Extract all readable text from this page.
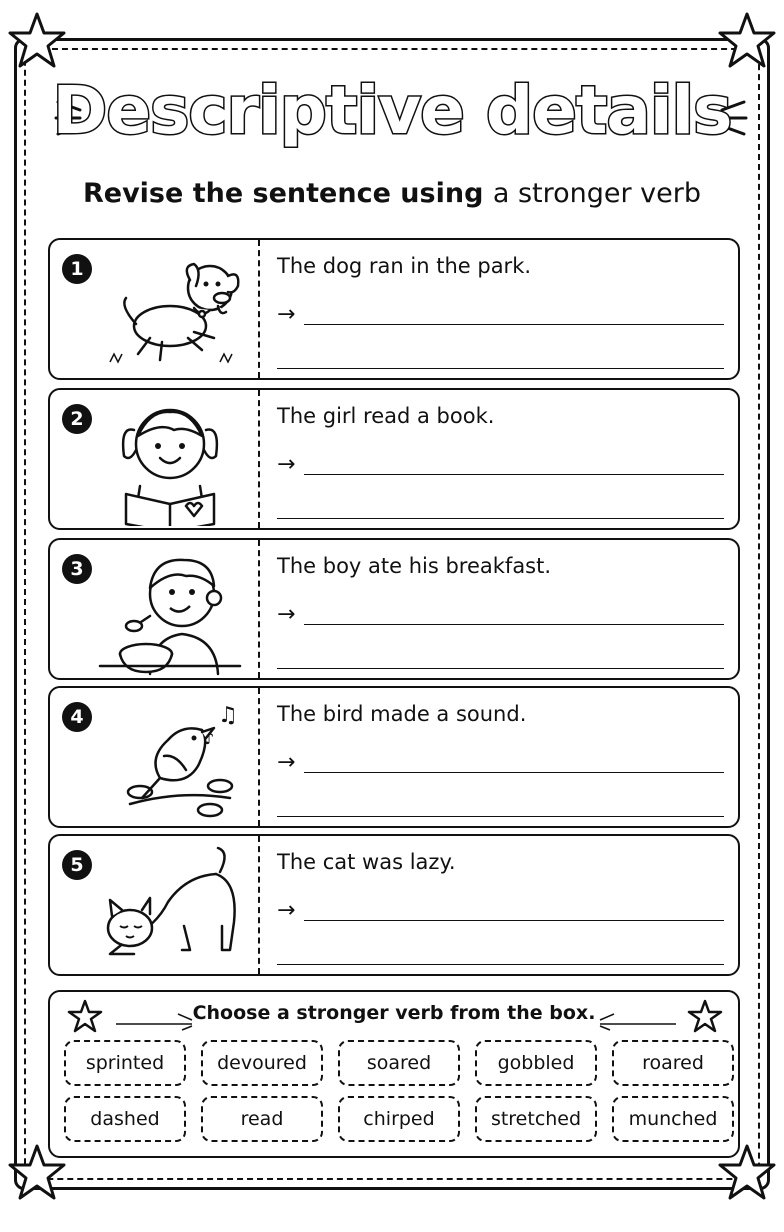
Descriptive details
Revise the sentence using a stronger verb
1	The dog ran in the park.
→
2	The girl read a book.
→
3	The boy ate his breakfast.
→
4	♫
♪
The bird made a sound.
→
5	The cat was lazy.
→
Choose a stronger verb from the box.
sprinted	devoured	soared	gobbled	roared
dashed	read	chirped	stretched	munched
